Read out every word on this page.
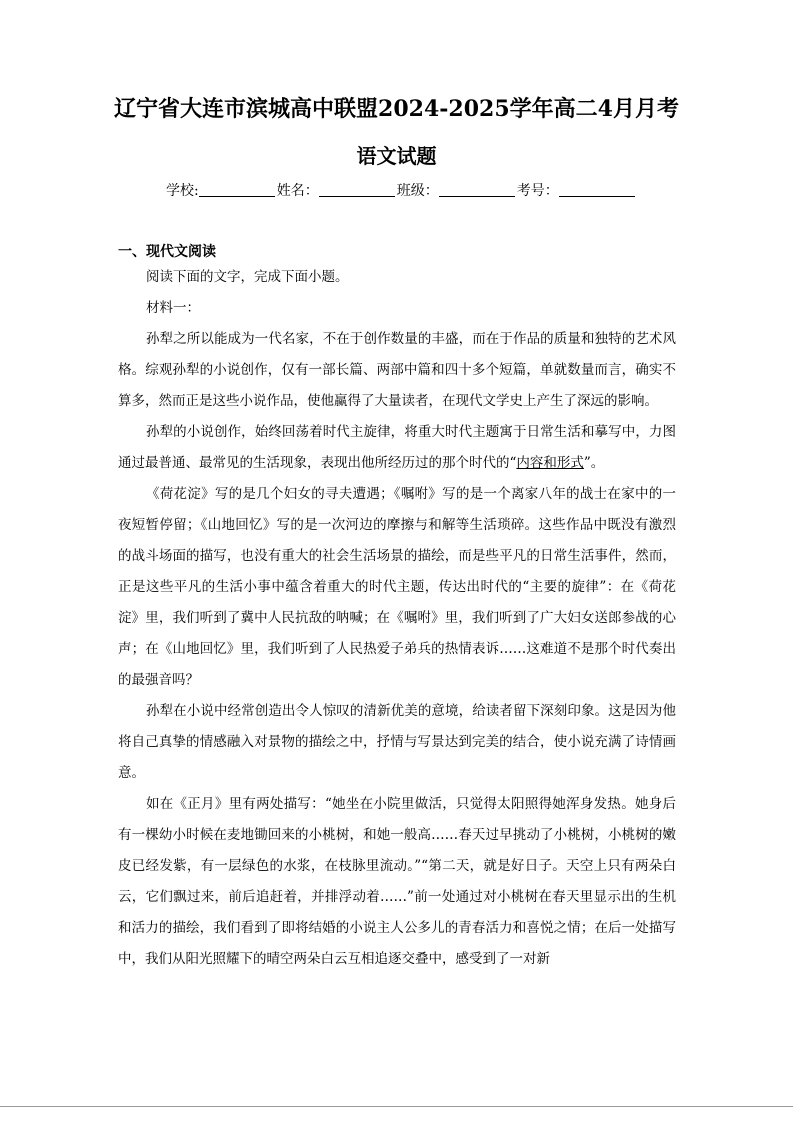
辽宁省大连市滨城高中联盟2024-2025学年高二4月月考
语文试题
学校:	姓名：	班级：	考号：
一、现代文阅读

阅读下面的文字，完成下面小题。

材料一：

孙犁之所以能成为一代名家，不在于创作数量的丰盛，而在于作品的质量和独特的艺术风格。综观孙犁的小说创作，仅有一部长篇、两部中篇和四十多个短篇，单就数量而言，确实不算多，然而正是这些小说作品，使他赢得了大量读者，在现代文学史上产生了深远的影响。

孙犁的小说创作，始终回荡着时代主旋律，将重大时代主题寓于日常生活和摹写中，力图通过最普通、最常见的生活现象，表现出他所经历过的那个时代的“内容和形式”。

《荷花淀》写的是几个妇女的寻夫遭遇；《嘱咐》写的是一个离家八年的战士在家中的一夜短暂停留；《山地回忆》写的是一次河边的摩擦与和解等生活琐碎。这些作品中既没有激烈的战斗场面的描写，也没有重大的社会生活场景的描绘，而是些平凡的日常生活事件，然而，正是这些平凡的生活小事中蕴含着重大的时代主题，传达出时代的“主要的旋律”：在《荷花淀》里，我们听到了冀中人民抗敌的呐喊；在《嘱咐》里，我们听到了广大妇女送郎参战的心声；在《山地回忆》里，我们听到了人民热爱子弟兵的热情表诉……这难道不是那个时代奏出的最强音吗？

孙犁在小说中经常创造出令人惊叹的清新优美的意境，给读者留下深刻印象。这是因为他将自己真挚的情感融入对景物的描绘之中，抒情与写景达到完美的结合，使小说充满了诗情画意。

如在《正月》里有两处描写：“她坐在小院里做活，只觉得太阳照得她浑身发热。她身后有一棵幼小时候在麦地锄回来的小桃树，和她一般高……春天过早挑动了小桃树，小桃树的嫩皮已经发紫，有一层绿色的水浆，在枝脉里流动。”“第二天，就是好日子。天空上只有两朵白云，它们飘过来，前后追赶着，并排浮动着……”前一处通过对小桃树在春天里显示出的生机和活力的描绘，我们看到了即将结婚的小说主人公多儿的青春活力和喜悦之情；在后一处描写中，我们从阳光照耀下的晴空两朵白云互相追逐交叠中，感受到了一对新
